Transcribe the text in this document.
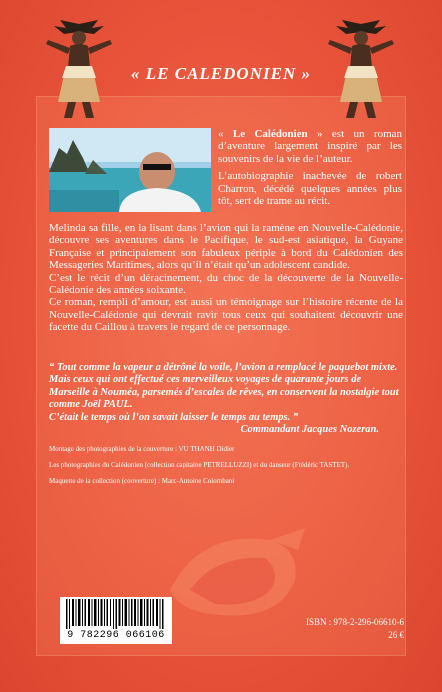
« LE CALEDONIEN »

« Le Calédonien » est un roman d’aventure largement inspiré par les souvenirs de la vie de l’auteur.

L’autobiographie inachevée de robert Charron, décédé quelques années plus tôt, sert de trame au récit.

Melinda sa fille, en la lisant dans l’avion qui la ramène en Nouvelle-Calédonie, découvre ses aventures dans le Pacifique, le sud-est asiatique, la Guyane Française et principalement son fabuleux périple à bord du Calédonien des Messageries Maritimes, alors qu’il n’était qu’un adolescent candide.

C’est le récit d’un déracinement, du choc de la découverte de la Nouvelle-Calédonie des années soixante.

Ce roman, rempli d’amour, est aussi un témoignage sur l’histoire récente de la Nouvelle-Calédonie qui devrait ravir tous ceux qui souhaitent découvrir une facette du Caillou à travers le regard de ce personnage.

“ Tout comme la vapeur a détrôné la voile, l’avion a remplacé le paquebot mixte.

Mais ceux qui ont effectué ces merveilleux voyages de quarante jours de Marseille à Nouméa, parsemés d’escales de rêves, en conservent la nostalgie tout comme Joël PAUL.

C’était le temps où l’on savait laisser le temps au temps. ”

Commandant Jacques Nozeran.

Montage des photographies de la couverture : VU THANH Didier

Les photographies du Calédonien (collection capitaine PETRELLUZZI) et du danseur (Frédéric TASTET).

Maquette de la collection (couverture) : Marc-Antoine Colombani

9 782296 066106
ISBN : 978-2-296-06610-6
26 €
